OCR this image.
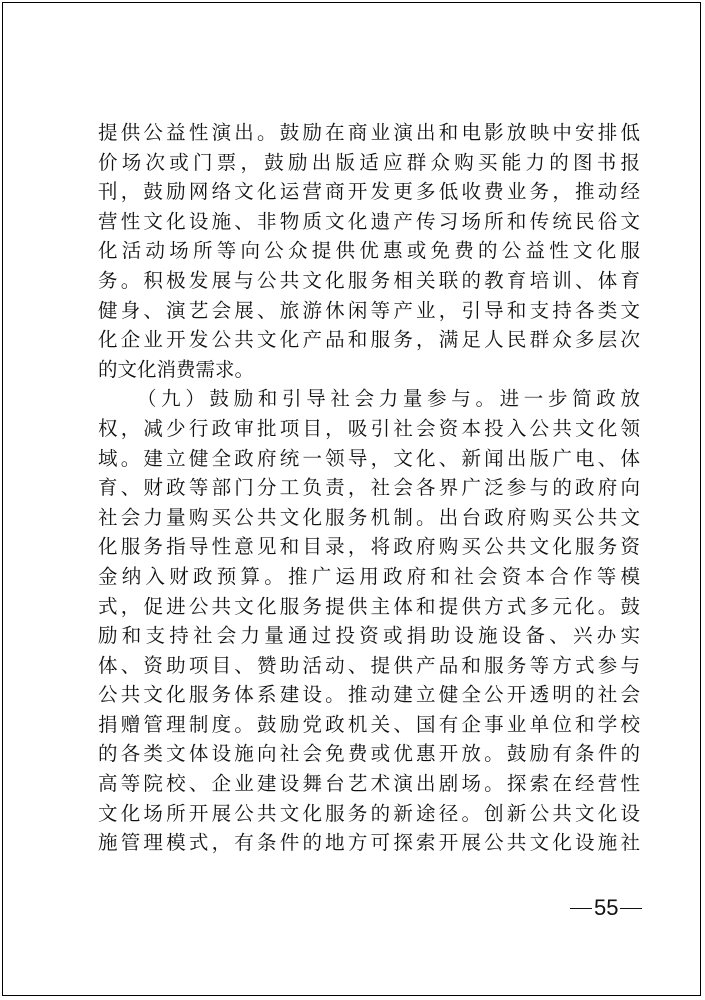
提供公益性演出。鼓励在商业演出和电影放映中安排低
价场次或门票，鼓励出版适应群众购买能力的图书报
刊，鼓励网络文化运营商开发更多低收费业务，推动经
营性文化设施、非物质文化遗产传习场所和传统民俗文
化活动场所等向公众提供优惠或免费的公益性文化服
务。积极发展与公共文化服务相关联的教育培训、体育
健身、演艺会展、旅游休闲等产业，引导和支持各类文
化企业开发公共文化产品和服务，满足人民群众多层次
的文化消费需求。
（九）鼓励和引导社会力量参与。进一步简政放
权，减少行政审批项目，吸引社会资本投入公共文化领
域。建立健全政府统一领导，文化、新闻出版广电、体
育、财政等部门分工负责，社会各界广泛参与的政府向
社会力量购买公共文化服务机制。出台政府购买公共文
化服务指导性意见和目录，将政府购买公共文化服务资
金纳入财政预算。推广运用政府和社会资本合作等模
式，促进公共文化服务提供主体和提供方式多元化。鼓
励和支持社会力量通过投资或捐助设施设备、兴办实
体、资助项目、赞助活动、提供产品和服务等方式参与
公共文化服务体系建设。推动建立健全公开透明的社会
捐赠管理制度。鼓励党政机关、国有企事业单位和学校
的各类文体设施向社会免费或优惠开放。鼓励有条件的
高等院校、企业建设舞台艺术演出剧场。探索在经营性
文化场所开展公共文化服务的新途径。创新公共文化设
施管理模式，有条件的地方可探索开展公共文化设施社
55
